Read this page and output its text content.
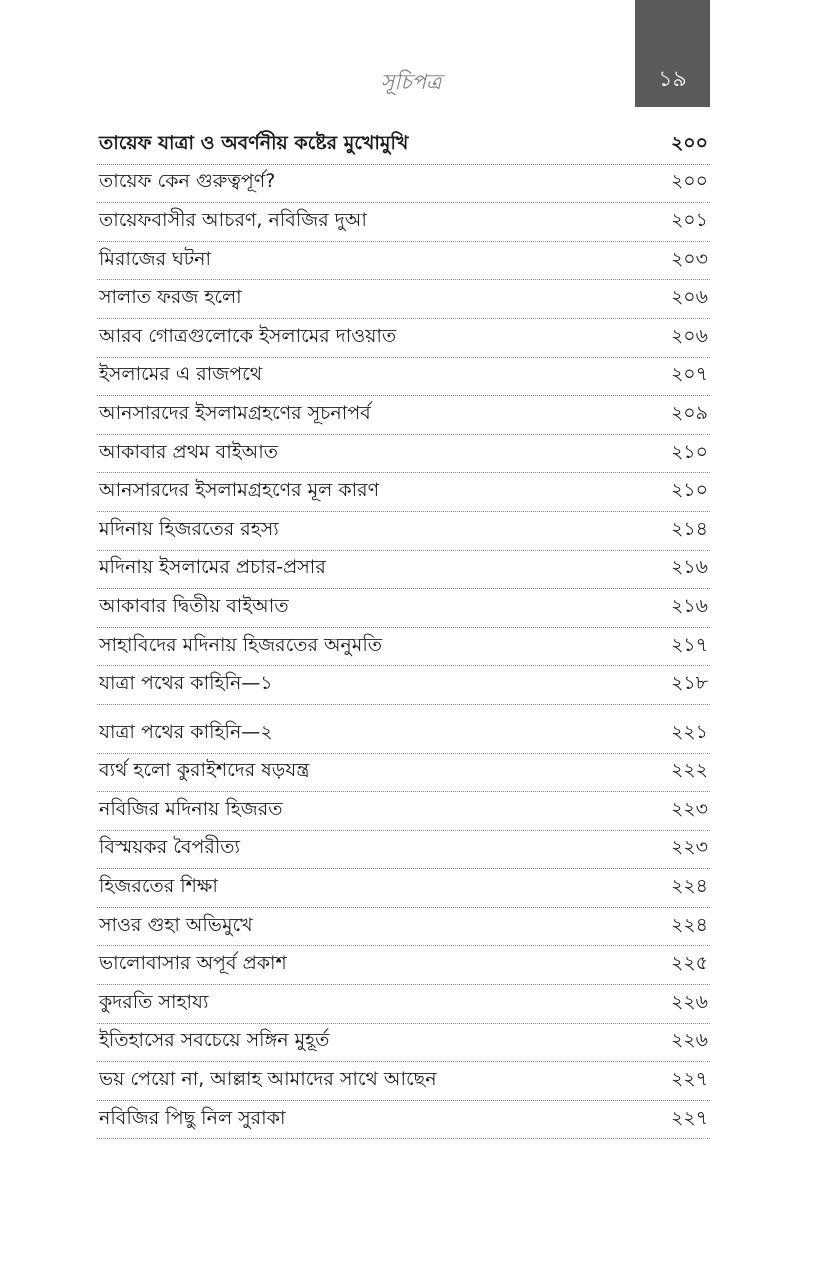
১৯
সূচিপত্র
তায়েফ যাত্রা ও অবর্ণনীয় কষ্টের মুখোমুখি	২০০
তায়েফ কেন গুরুত্বপূর্ণ?	২০০
তায়েফবাসীর আচরণ, নবিজির দুআ	২০১
মিরাজের ঘটনা	২০৩
সালাত ফরজ হলো	২০৬
আরব গোত্রগুলোকে ইসলামের দাওয়াত	২০৬
ইসলামের এ রাজপথে	২০৭
আনসারদের ইসলামগ্রহণের সূচনাপর্ব	২০৯
আকাবার প্রথম বাইআত	২১০
আনসারদের ইসলামগ্রহণের মূল কারণ	২১০
মদিনায় হিজরতের রহস্য	২১৪
মদিনায় ইসলামের প্রচার-প্রসার	২১৬
আকাবার দ্বিতীয় বাইআত	২১৬
সাহাবিদের মদিনায় হিজরতের অনুমতি	২১৭
যাত্রা পথের কাহিনি—১	২১৮
যাত্রা পথের কাহিনি—২	২২১
ব্যর্থ হলো কুরাইশদের ষড়যন্ত্র	২২২
নবিজির মদিনায় হিজরত	২২৩
বিস্ময়কর বৈপরীত্য	২২৩
হিজরতের শিক্ষা	২২৪
সাওর গুহা অভিমুখে	২২৪
ভালোবাসার অপূর্ব প্রকাশ	২২৫
কুদরতি সাহায্য	২২৬
ইতিহাসের সবচেয়ে সঙ্গিন মুহূর্ত	২২৬
ভয় পেয়ো না, আল্লাহ আমাদের সাথে আছেন	২২৭
নবিজির পিছু নিল সুরাকা	২২৭
